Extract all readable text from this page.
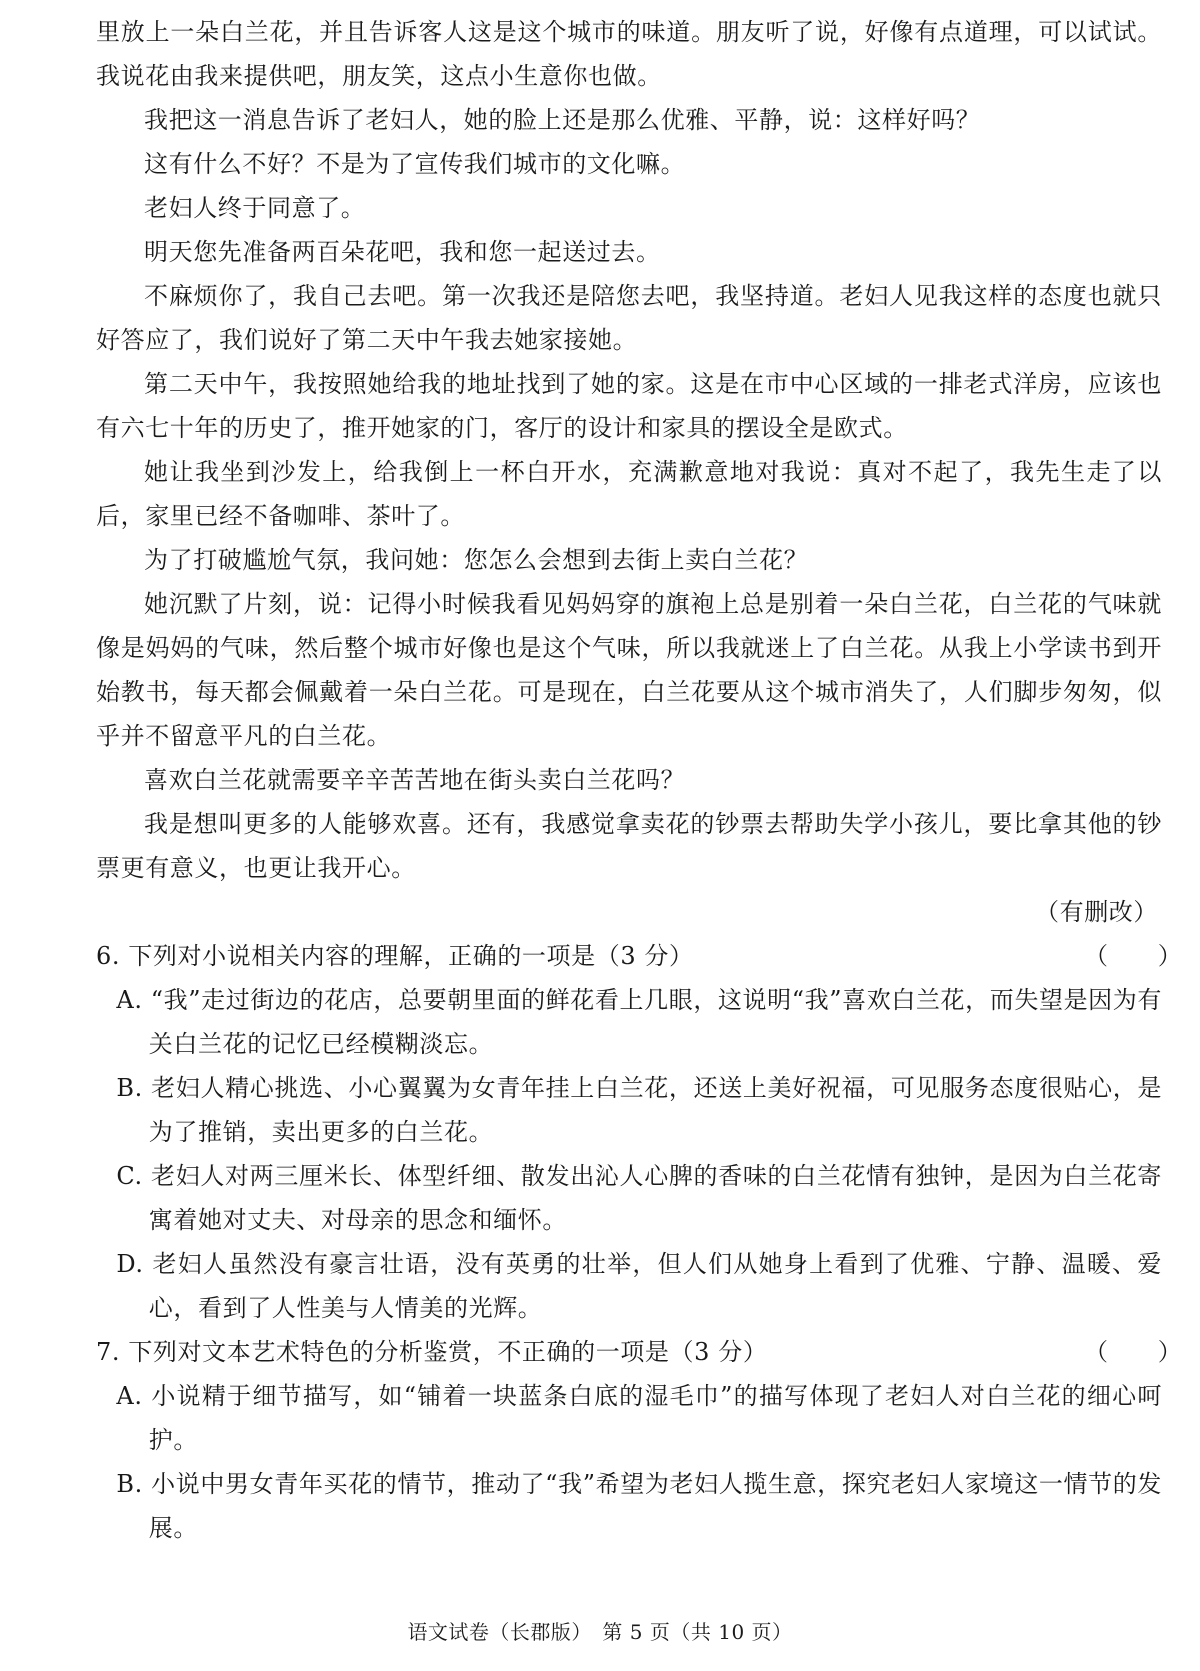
里放上一朵白兰花，并且告诉客人这是这个城市的味道。朋友听了说，好像有点道理，可以试试。我说花由我来提供吧，朋友笑，这点小生意你也做。

我把这一消息告诉了老妇人，她的脸上还是那么优雅、平静，说：这样好吗？

这有什么不好？不是为了宣传我们城市的文化嘛。

老妇人终于同意了。

明天您先准备两百朵花吧，我和您一起送过去。

不麻烦你了，我自己去吧。第一次我还是陪您去吧，我坚持道。老妇人见我这样的态度也就只好答应了，我们说好了第二天中午我去她家接她。

第二天中午，我按照她给我的地址找到了她的家。这是在市中心区域的一排老式洋房，应该也有六七十年的历史了，推开她家的门，客厅的设计和家具的摆设全是欧式。

她让我坐到沙发上，给我倒上一杯白开水，充满歉意地对我说：真对不起了，我先生走了以后，家里已经不备咖啡、茶叶了。

为了打破尴尬气氛，我问她：您怎么会想到去街上卖白兰花？

她沉默了片刻，说：记得小时候我看见妈妈穿的旗袍上总是别着一朵白兰花，白兰花的气味就像是妈妈的气味，然后整个城市好像也是这个气味，所以我就迷上了白兰花。从我上小学读书到开始教书，每天都会佩戴着一朵白兰花。可是现在，白兰花要从这个城市消失了，人们脚步匆匆，似乎并不留意平凡的白兰花。

喜欢白兰花就需要辛辛苦苦地在街头卖白兰花吗？

我是想叫更多的人能够欢喜。还有，我感觉拿卖花的钞票去帮助失学小孩儿，要比拿其他的钞票更有意义，也更让我开心。

（有删改）

6. 下列对小说相关内容的理解，正确的一项是（3 分）	（　　）

A. “我”走过街边的花店，总要朝里面的鲜花看上几眼，这说明“我”喜欢白兰花，而失望是因为有关白兰花的记忆已经模糊淡忘。

B. 老妇人精心挑选、小心翼翼为女青年挂上白兰花，还送上美好祝福，可见服务态度很贴心，是为了推销，卖出更多的白兰花。

C. 老妇人对两三厘米长、体型纤细、散发出沁人心脾的香味的白兰花情有独钟，是因为白兰花寄寓着她对丈夫、对母亲的思念和缅怀。

D. 老妇人虽然没有豪言壮语，没有英勇的壮举，但人们从她身上看到了优雅、宁静、温暖、爱心，看到了人性美与人情美的光辉。

7. 下列对文本艺术特色的分析鉴赏，不正确的一项是（3 分）	（　　）

A. 小说精于细节描写，如“铺着一块蓝条白底的湿毛巾”的描写体现了老妇人对白兰花的细心呵护。

B. 小说中男女青年买花的情节，推动了“我”希望为老妇人揽生意，探究老妇人家境这一情节的发展。

语文试卷（长郡版）　第 5 页（共 10 页）
